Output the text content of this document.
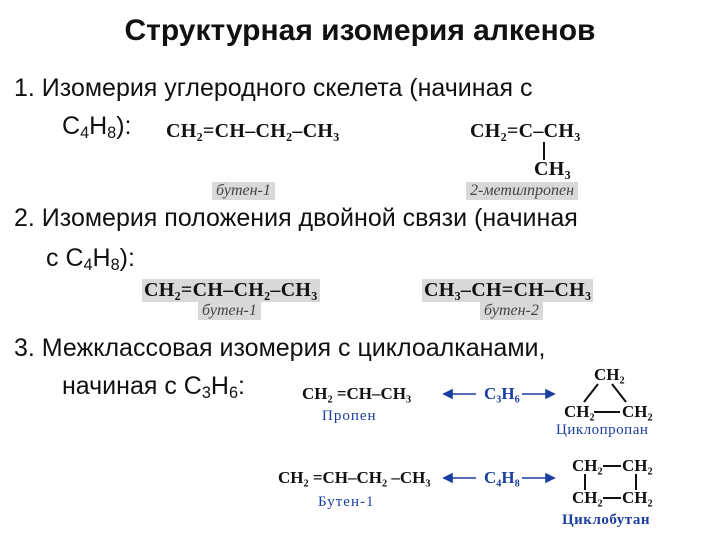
Структурная изомерия алкенов
1. Изомерия углеродного скелета (начиная с
$C_4H_8$): CH₂=CH–CH₂–CH₃	CH₂=C–CH₃
CH₃
бутен-1	2-метилпропен
2. Изомерия положения двойной связи (начиная
с $C_4H_8$):
CH₂=CH–CH₂–CH₃	CH₃–CH=CH–CH₃
бутен-1	бутен-2
3. Межклассовая изомерия с циклоалканами,
начиная с $C_3H_6$:	CH₂ =CH–CH₃
Пропен
C₃H₆
CH₂
CH₂ CH₂
Циклопропан
CH₂ =CH–CH₂ –CH₃
Бутен-1
C₄H₈
CH₂ CH₂
CH₂ CH₂
Циклобутан
